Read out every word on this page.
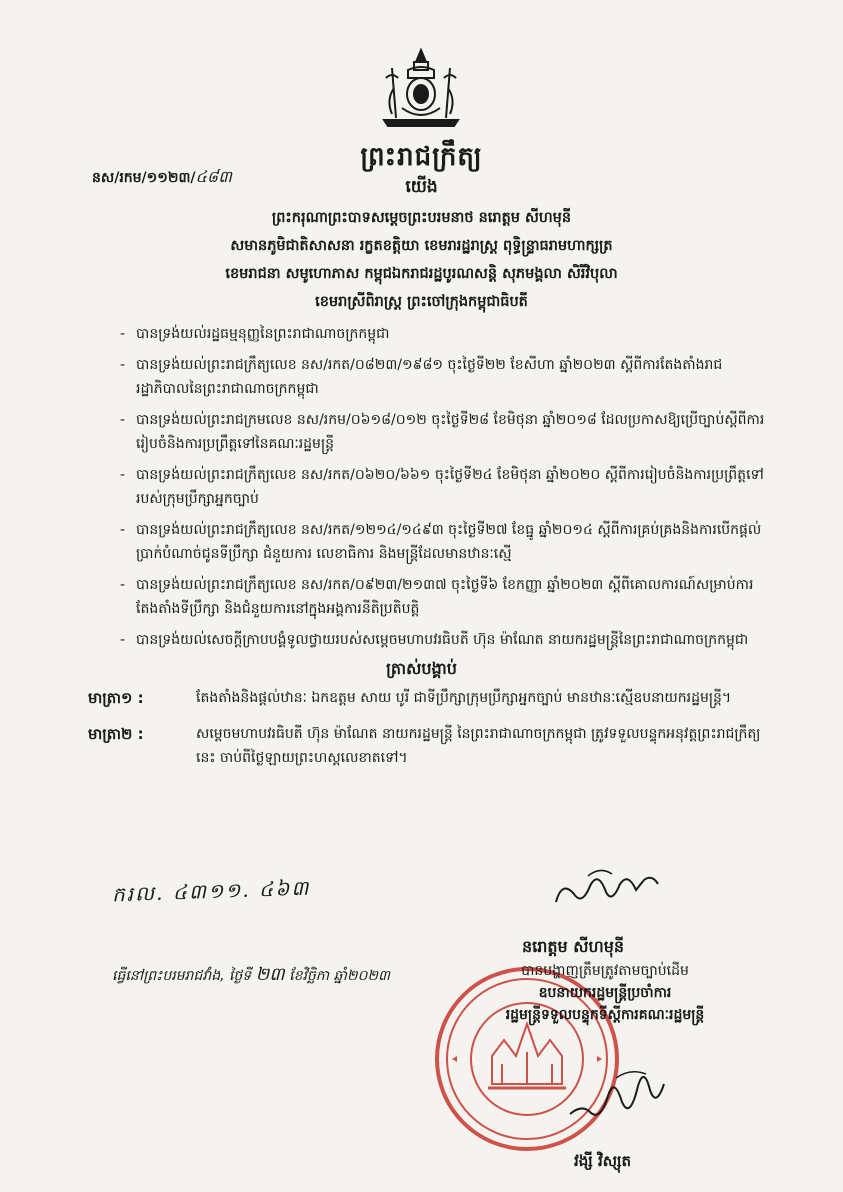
ព្រះរាជក្រឹត្យ
នស/រកម/១១២៣/៤៨៣
យើង
ព្រះករុណាព្រះបាទសម្តេចព្រះបរមនាថ នរោត្តម សីហមុនី
សមានភូមិជាតិសាសនា រក្ខតខត្តិយា ខេមរារដ្ឋរាស្ត្រ ពុទ្ធិន្ទ្រាធរាមហាក្សត្រ
ខេមរាជនា សមូហោភាស កម្ពុជឯករាជរដ្ឋបូរណសន្តិ សុភមង្គលា សិរីវិបុលា
ខេមរាស្រីពិរាស្ត្រ ព្រះចៅក្រុងកម្ពុជាធិបតី
- បានទ្រង់យល់រដ្ឋធម្មនុញ្ញនៃព្រះរាជាណាចក្រកម្ពុជា
- បានទ្រង់យល់ព្រះរាជក្រឹត្យលេខ នស/រកត/០៨២៣/១៩៨១ ចុះថ្ងៃទី២២ ខែសីហា ឆ្នាំ២០២៣ ស្តីពីការតែងតាំងរាជរដ្ឋាភិបាលនៃព្រះរាជាណាចក្រកម្ពុជា
- បានទ្រង់យល់ព្រះរាជក្រមលេខ នស/រកម/០៦១៨/០១២ ចុះថ្ងៃទី២៨ ខែមិថុនា ឆ្នាំ២០១៨ ដែលប្រកាសឱ្យប្រើច្បាប់ស្តីពីការរៀបចំនិងការប្រព្រឹត្តទៅនៃគណៈរដ្ឋមន្ត្រី
- បានទ្រង់យល់ព្រះរាជក្រឹត្យលេខ នស/រកត/០៦២០/៦៦១ ចុះថ្ងៃទី២៤ ខែមិថុនា ឆ្នាំ២០២០ ស្តីពីការរៀបចំនិងការប្រព្រឹត្តទៅរបស់ក្រុមប្រឹក្សាអ្នកច្បាប់
- បានទ្រង់យល់ព្រះរាជក្រឹត្យលេខ នស/រកត/១២១៤/១៤៩៣ ចុះថ្ងៃទី២៧ ខែធ្នូ ឆ្នាំ២០១៤ ស្តីពីការគ្រប់គ្រងនិងការបើកផ្តល់ប្រាក់បំណាច់ជូនទីប្រឹក្សា ជំនួយការ លេខាធិការ និងមន្ត្រីដែលមានឋានៈស្មើ
- បានទ្រង់យល់ព្រះរាជក្រឹត្យលេខ នស/រកត/០៩២៣/២១៣៧ ចុះថ្ងៃទី៦ ខែកញ្ញា ឆ្នាំ២០២៣ ស្តីពីគោលការណ៍សម្រាប់ការតែងតាំងទីប្រឹក្សា និងជំនួយការនៅក្នុងអង្គការនីតិប្រតិបត្តិ
- បានទ្រង់យល់សេចក្តីក្រាបបង្គំទូលថ្វាយរបស់សម្តេចមហាបវរធិបតី ហ៊ុន ម៉ាណែត នាយករដ្ឋមន្ត្រីនៃព្រះរាជាណាចក្រកម្ពុជា
ត្រាស់បង្គាប់
មាត្រា១ :	តែងតាំងនិងផ្តល់ឋានៈ ឯកឧត្តម សាយ បូរី ជាទីប្រឹក្សាក្រុមប្រឹក្សាអ្នកច្បាប់ មានឋានៈស្មើឧបនាយករដ្ឋមន្ត្រី។
មាត្រា២ :	សម្តេចមហាបវរធិបតី ហ៊ុន ម៉ាណែត នាយករដ្ឋមន្ត្រី នៃព្រះរាជាណាចក្រកម្ពុជា ត្រូវទទួលបន្ទុកអនុវត្តព្រះរាជក្រឹត្យនេះ ចាប់ពីថ្ងៃឡាយព្រះហស្តលេខាតទៅ។
ករល. ៤៣១១. ៤៦៣
នរោត្តម សីហមុនី
ធ្វើនៅព្រះបរមរាជវាំង, ថ្ងៃទី ២៣ ខែវិច្ឆិកា ឆ្នាំ២០២៣	បានបង្ហាញត្រឹមត្រូវតាមច្បាប់ដើម
ឧបនាយករដ្ឋមន្ត្រីប្រចាំការ
រដ្ឋមន្ត្រីទទួលបន្ទុកទីស្តីការគណៈរដ្ឋមន្ត្រី
វង្សី វិស្សុត
